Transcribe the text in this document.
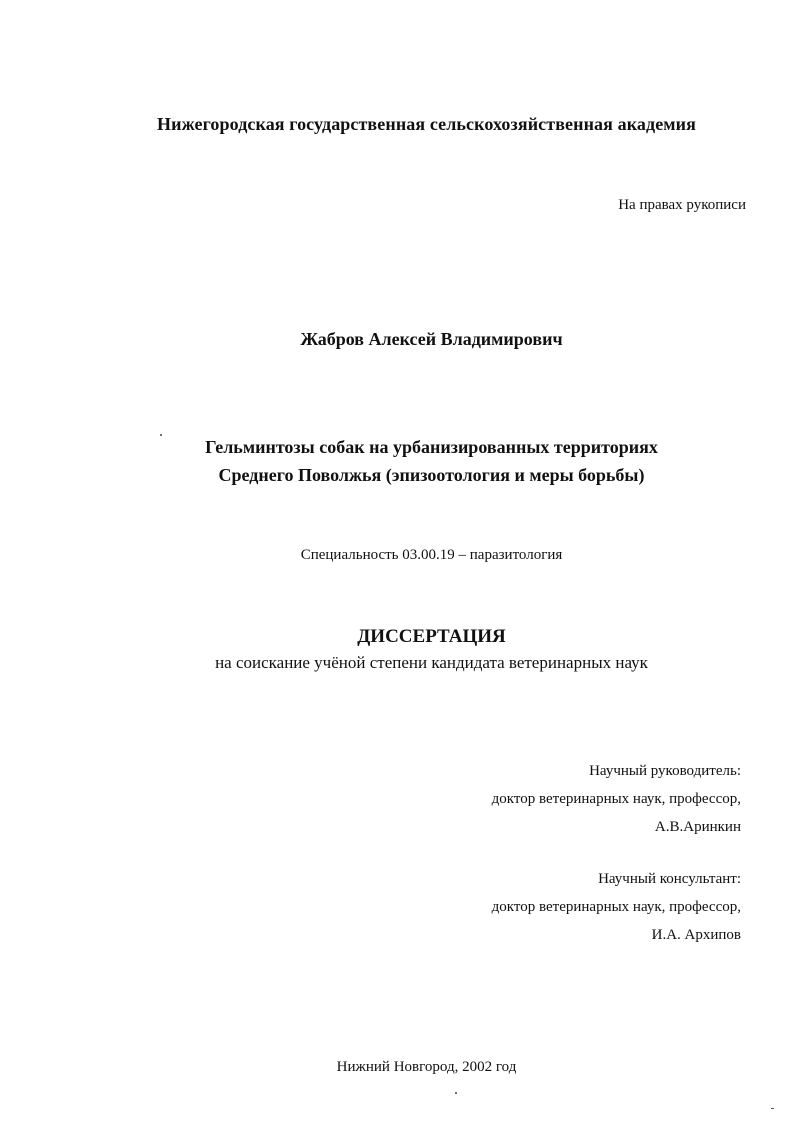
Нижегородская государственная сельскохозяйственная академия
На правах рукописи
Жабров Алексей Владимирович
Гельминтозы собак на урбанизированных территориях
Среднего Поволжья (эпизоотология и меры борьбы)
Специальность 03.00.19 – паразитология
ДИССЕРТАЦИЯ
на соискание учёной степени кандидата ветеринарных наук
Научный руководитель:
доктор ветеринарных наук, профессор,
А.В.Аринкин
Научный консультант:
доктор ветеринарных наук, профессор,
И.А. Архипов
Нижний Новгород, 2002 год
